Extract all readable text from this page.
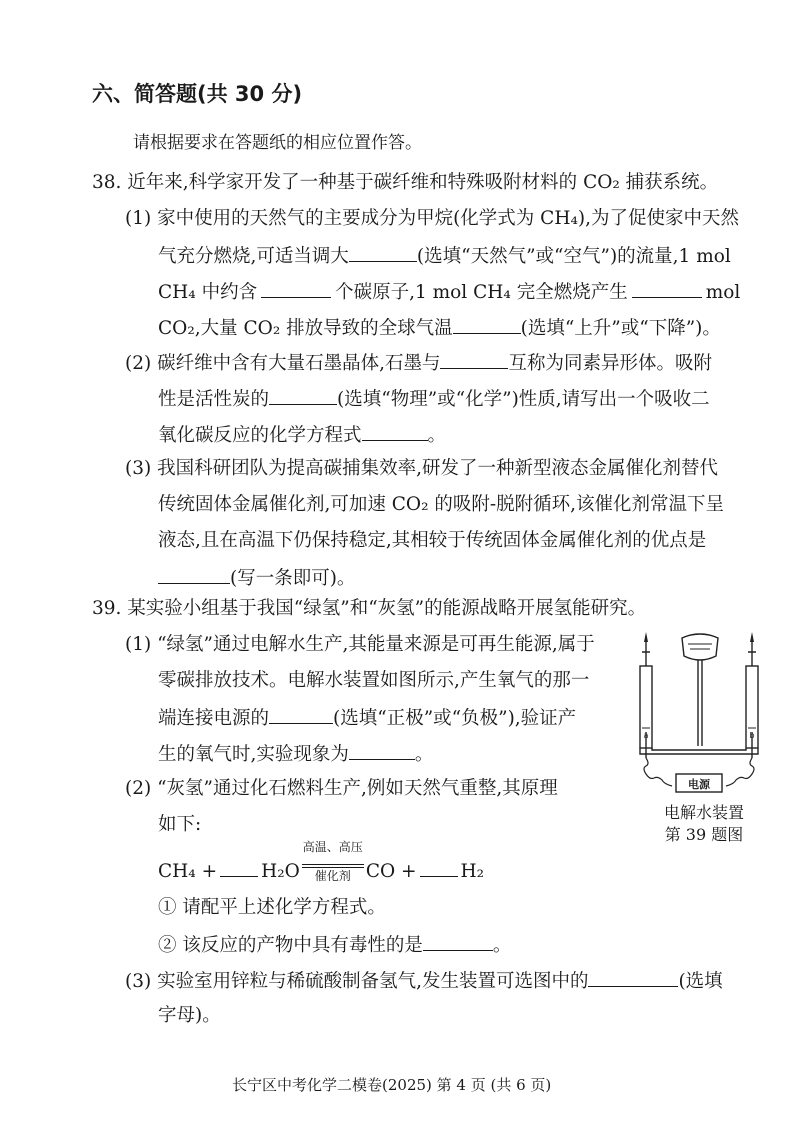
六、简答题(共 30 分)
请根据要求在答题纸的相应位置作答。
38. 近年来,科学家开发了一种基于碳纤维和特殊吸附材料的 CO₂ 捕获系统。
(1) 家中使用的天然气的主要成分为甲烷(化学式为 CH₄),为了促使家中天然
气充分燃烧,可适当调大	(选填“天然气”或“空气”)的流量,1 mol
CH₄ 中约含	个碳原子,1 mol CH₄ 完全燃烧产生	mol
CO₂,大量 CO₂ 排放导致的全球气温	(选填“上升”或“下降”)。
(2) 碳纤维中含有大量石墨晶体,石墨与	互称为同素异形体。吸附
性是活性炭的	(选填“物理”或“化学”)性质,请写出一个吸收二
氧化碳反应的化学方程式	。
(3) 我国科研团队为提高碳捕集效率,研发了一种新型液态金属催化剂替代
传统固体金属催化剂,可加速 CO₂ 的吸附-脱附循环,该催化剂常温下呈
液态,且在高温下仍保持稳定,其相较于传统固体金属催化剂的优点是
(写一条即可)。
39. 某实验小组基于我国“绿氢”和“灰氢”的能源战略开展氢能研究。
(1) “绿氢”通过电解水生产,其能量来源是可再生能源,属于
零碳排放技术。电解水装置如图所示,产生氧气的那一
端连接电源的	(选填“正极”或“负极”),验证产
生的氧气时,实验现象为	。
(2) “灰氢”通过化石燃料生产,例如天然气重整,其原理
如下:
CH₄ + H₂O
高温、高压
催化剂 CO + H₂
① 请配平上述化学方程式。
② 该反应的产物中具有毒性的是	。
(3) 实验室用锌粒与稀硫酸制备氢气,发生装置可选图中的	(选填
字母)。
电源
a	b
电解水装置
第 39 题图
长宁区中考化学二模卷(2025) 第 4 页 (共 6 页)
